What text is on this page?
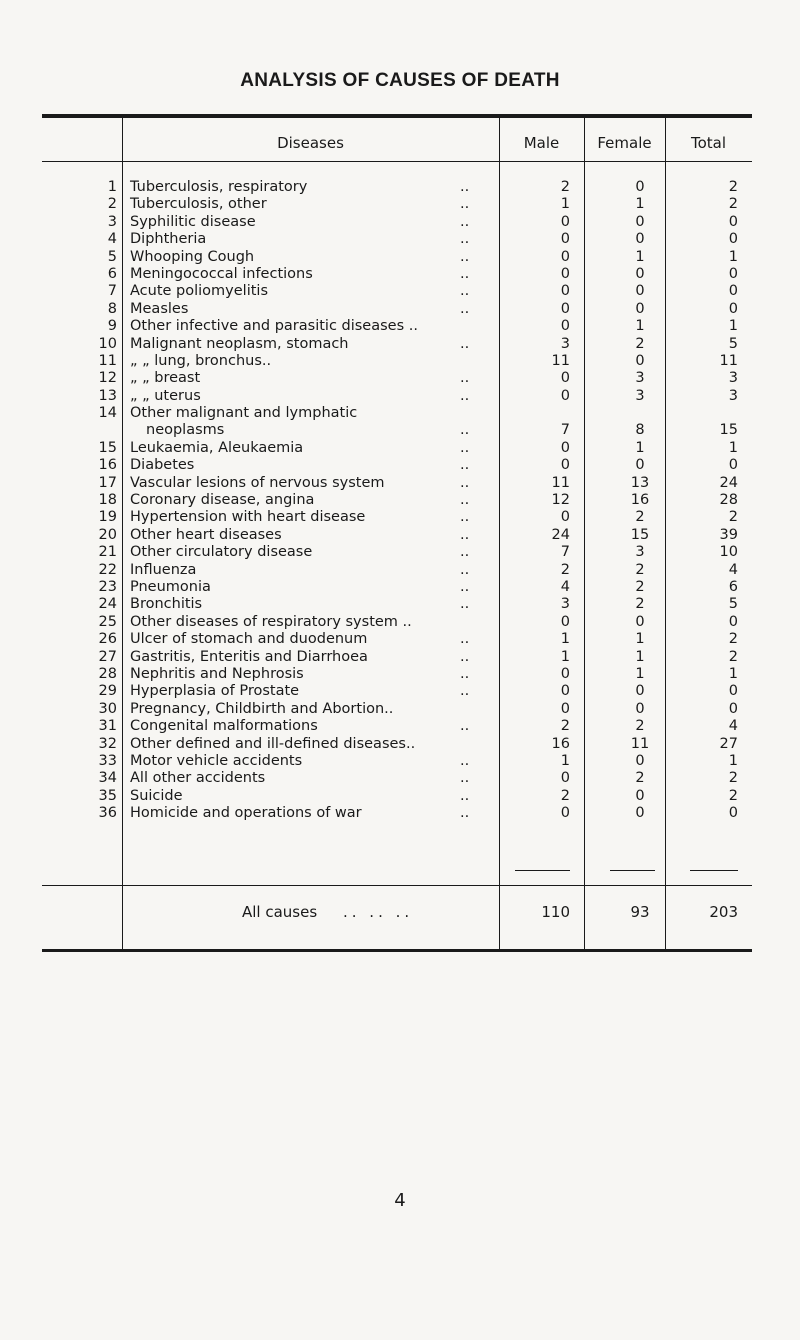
ANALYSIS OF CAUSES OF DEATH
Diseases	Male	Female	Total
1 Tuberculosis, respiratory	..	2	0	2
2 Tuberculosis, other	..	1	1	2
3 Syphilitic disease	..	0	0	0
4 Diphtheria	..	0	0	0
5 Whooping Cough	..	0	1	1
6 Meningococcal infections	..	0	0	0
7 Acute poliomyelitis	..	0	0	0
8 Measles	..	0	0	0
9 Other infective and parasitic diseases ..	0	1	1
10 Malignant neoplasm, stomach	..	3	2	5
11 „ „ lung, bronchus..	11	0	11
12 „ „ breast	..	0	3	3
13 „ „ uterus	..	0	3	3
14 Other malignant and lymphatic
neoplasms	..	7	8	15
15 Leukaemia, Aleukaemia	..	0	1	1
16 Diabetes	..	0	0	0
17 Vascular lesions of nervous system	..	11	13	24
18 Coronary disease, angina	..	12	16	28
19 Hypertension with heart disease	..	0	2	2
20 Other heart diseases	..	24	15	39
21 Other circulatory disease	..	7	3	10
22 Influenza	..	2	2	4
23 Pneumonia	..	4	2	6
24 Bronchitis	..	3	2	5
25 Other diseases of respiratory system ..	0	0	0
26 Ulcer of stomach and duodenum	..	1	1	2
27 Gastritis, Enteritis and Diarrhoea	..	1	1	2
28 Nephritis and Nephrosis	..	0	1	1
29 Hyperplasia of Prostate	..	0	0	0
30 Pregnancy, Childbirth and Abortion..	0	0	0
31 Congenital malformations	..	2	2	4
32 Other defined and ill-defined diseases..	16	11	27
33 Motor vehicle accidents	..	1	0	1
34 All other accidents	..	0	2	2
35 Suicide	..	2	0	2
36 Homicide and operations of war	..	0	0	0
All causes .. .. ..	110	93	203
4
